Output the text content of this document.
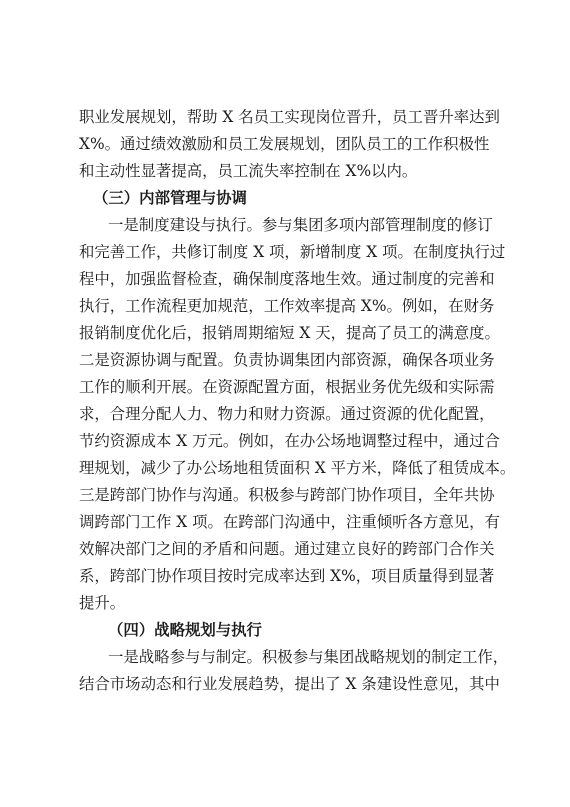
职业发展规划，帮助 X 名员工实现岗位晋升，员工晋升率达到
X%。通过绩效激励和员工发展规划，团队员工的工作积极性
和主动性显著提高，员工流失率控制在 X%以内。
（三）内部管理与协调
一是制度建设与执行。参与集团多项内部管理制度的修订
和完善工作，共修订制度 X 项，新增制度 X 项。在制度执行过
程中，加强监督检查，确保制度落地生效。通过制度的完善和
执行，工作流程更加规范，工作效率提高 X%。例如，在财务
报销制度优化后，报销周期缩短 X 天，提高了员工的满意度。
二是资源协调与配置。负责协调集团内部资源，确保各项业务
工作的顺利开展。在资源配置方面，根据业务优先级和实际需
求，合理分配人力、物力和财力资源。通过资源的优化配置，
节约资源成本 X 万元。例如，在办公场地调整过程中，通过合
理规划，减少了办公场地租赁面积 X 平方米，降低了租赁成本。
三是跨部门协作与沟通。积极参与跨部门协作项目，全年共协
调跨部门工作 X 项。在跨部门沟通中，注重倾听各方意见，有
效解决部门之间的矛盾和问题。通过建立良好的跨部门合作关
系，跨部门协作项目按时完成率达到 X%，项目质量得到显著
提升。
（四）战略规划与执行
一是战略参与与制定。积极参与集团战略规划的制定工作，
结合市场动态和行业发展趋势，提出了 X 条建设性意见，其中
